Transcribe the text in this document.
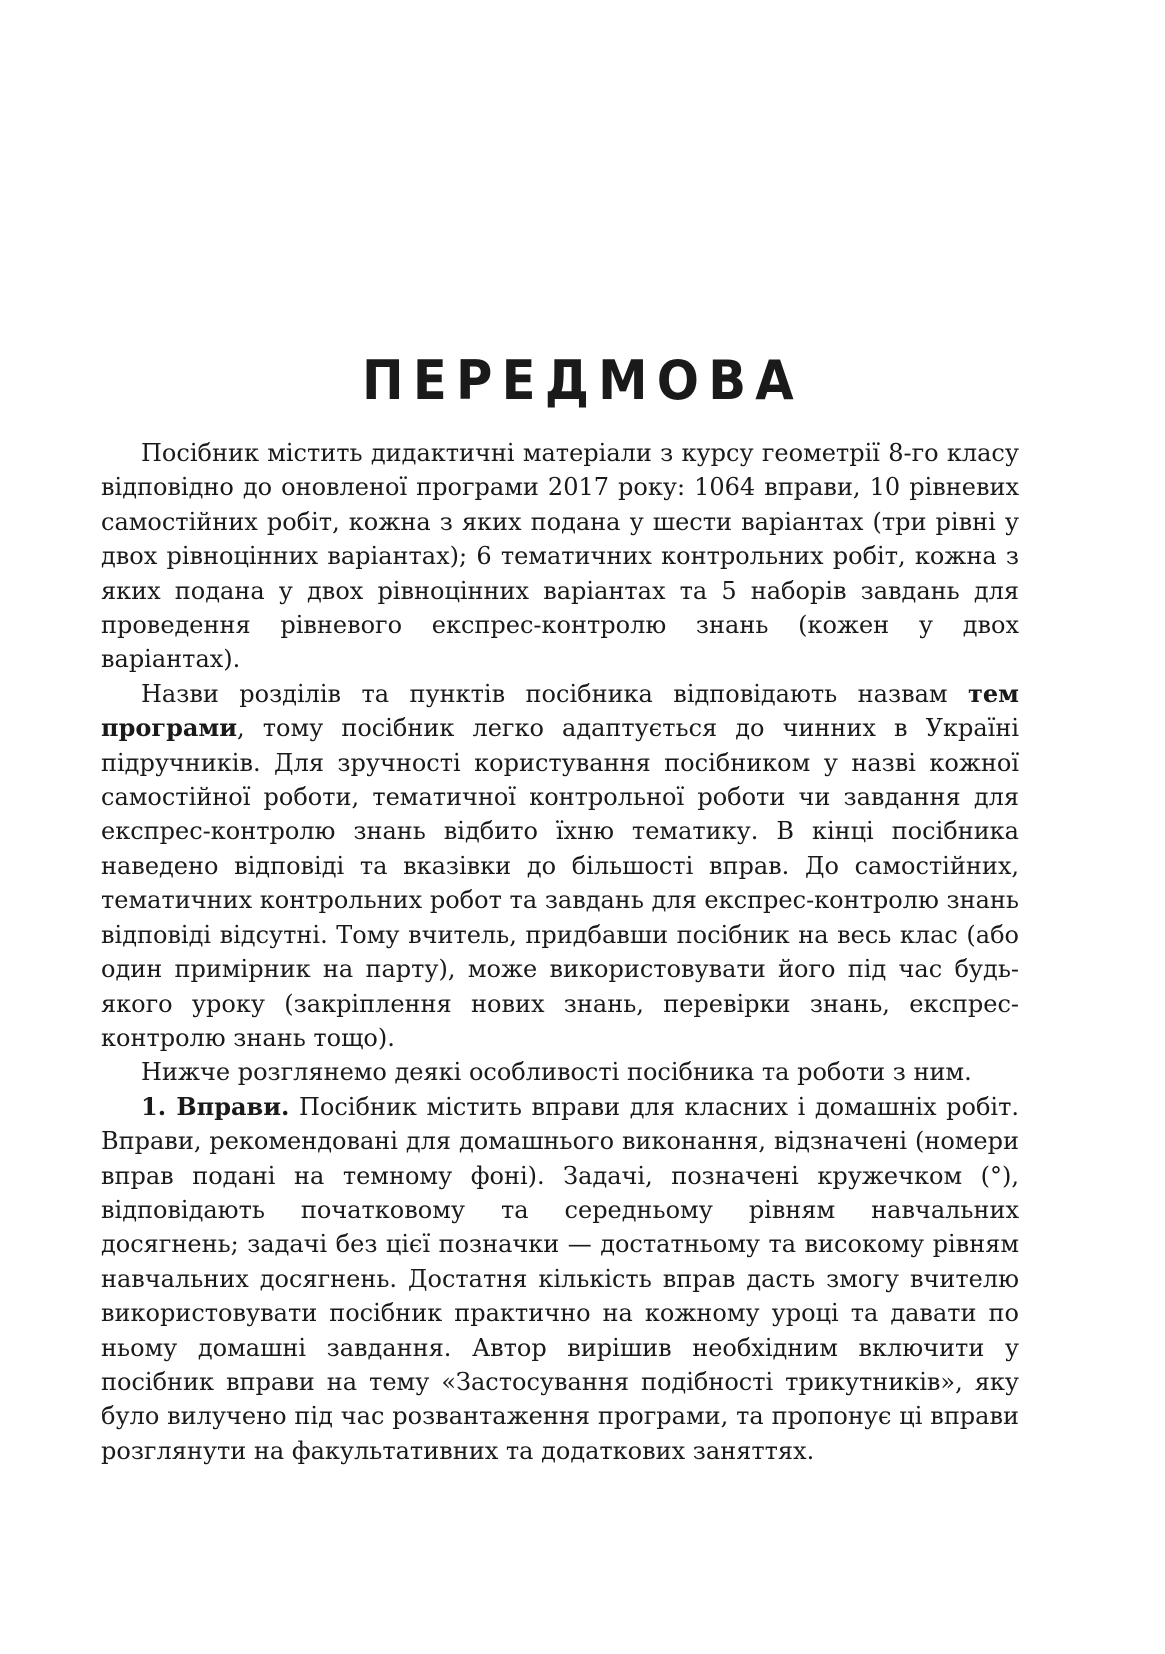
ПЕРЕДМОВА

Посібник містить дидактичні матеріали з курсу геометрії 8-го класу відповідно до оновленої програми 2017 року: 1064 вправи, 10 рівневих самостійних робіт, кожна з яких подана у шести варіантах (три рівні у двох рівноцінних варіантах); 6 тематичних контрольних робіт, кожна з яких подана у двох рівноцінних варіантах та 5 наборів завдань для проведення рівневого експрес-контролю знань (кожен у двох варіантах).

Назви розділів та пунктів посібника відповідають назвам тем програми, тому посібник легко адаптується до чинних в Україні підручників. Для зручності користування посібником у назві кожної самостійної роботи, тематичної контрольної роботи чи завдання для експрес-контролю знань відбито їхню тематику. В кінці посібника наведено відповіді та вказівки до більшості вправ. До самостійних, тематичних контрольних робот та завдань для експрес-контролю знань відповіді відсутні. Тому вчитель, придбавши посібник на весь клас (або один примірник на парту), може використовувати його під час будь-якого уроку (закріплення нових знань, перевірки знань, експрес-контролю знань тощо).

Нижче розглянемо деякі особливості посібника та роботи з ним.

1. Вправи. Посібник містить вправи для класних і домашніх робіт. Вправи, рекомендовані для домашнього виконання, відзначені (номери вправ подані на темному фоні). Задачі, позначені кружечком (°), відповідають початковому та середньому рівням навчальних досягнень; задачі без цієї позначки — достатньому та високому рівням навчальних досягнень. Достатня кількість вправ дасть змогу вчителю використовувати посібник практично на кожному уроці та давати по ньому домашні завдання. Автор вирішив необхідним включити у посібник вправи на тему «Застосування подібності трикутників», яку було вилучено під час розвантаження програми, та пропонує ці вправи розглянути на факультативних та додаткових заняттях.
